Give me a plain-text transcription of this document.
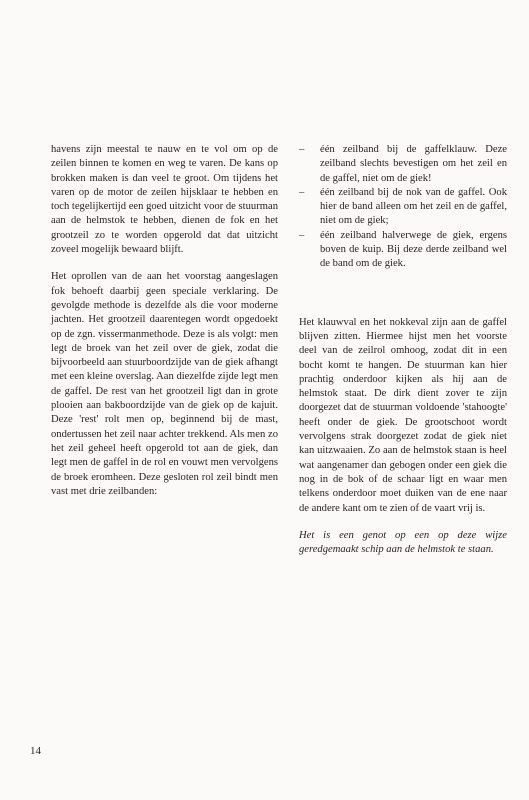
havens zijn meestal te nauw en te vol om op de zeilen binnen te komen en weg te varen. De kans op brokken maken is dan veel te groot. Om tijdens het varen op de motor de zeilen hijsklaar te hebben en toch tegelijkertijd een goed uitzicht voor de stuurman aan de helmstok te hebben, dienen de fok en het grootzeil zo te worden opgerold dat dat uitzicht zoveel mogelijk bewaard blijft.

Het oprollen van de aan het voorstag aangeslagen fok behoeft daarbij geen speciale verklaring. De gevolgde methode is dezelfde als die voor moderne jachten. Het grootzeil daarentegen wordt opgedoekt op de zgn. vissermanmethode. Deze is als volgt: men legt de broek van het zeil over de giek, zodat die bijvoorbeeld aan stuurboordzijde van de giek afhangt met een kleine overslag. Aan diezelfde zijde legt men de gaffel. De rest van het grootzeil ligt dan in grote plooien aan bakboordzijde van de giek op de kajuit. Deze 'rest' rolt men op, beginnend bij de mast, ondertussen het zeil naar achter trekkend. Als men zo het zeil geheel heeft opgerold tot aan de giek, dan legt men de gaffel in de rol en vouwt men vervolgens de broek eromheen. Deze gesloten rol zeil bindt men vast met drie zeilbanden:

– één zeilband bij de gaffelklauw. Deze zeilband slechts bevestigen om het zeil en de gaffel, niet om de giek!
– één zeilband bij de nok van de gaffel. Ook hier de band alleen om het zeil en de gaffel, niet om de giek;
– één zeilband halverwege de giek, ergens boven de kuip. Bij deze derde zeilband wel de band om de giek.

Het klauwval en het nokkeval zijn aan de gaffel blijven zitten. Hiermee hijst men het voorste deel van de zeilrol omhoog, zodat dit in een bocht komt te hangen. De stuurman kan hier prachtig onderdoor kijken als hij aan de helmstok staat. De dirk dient zover te zijn doorgezet dat de stuurman voldoende 'stahoogte' heeft onder de giek. De grootschoot wordt vervolgens strak doorgezet zodat de giek niet kan uitzwaaien. Zo aan de helmstok staan is heel wat aangenamer dan gebogen onder een giek die nog in de bok of de schaar ligt en waar men telkens onderdoor moet duiken van de ene naar de andere kant om te zien of de vaart vrij is.

Het is een genot op een op deze wijze geredgemaakt schip aan de helmstok te staan.

14
